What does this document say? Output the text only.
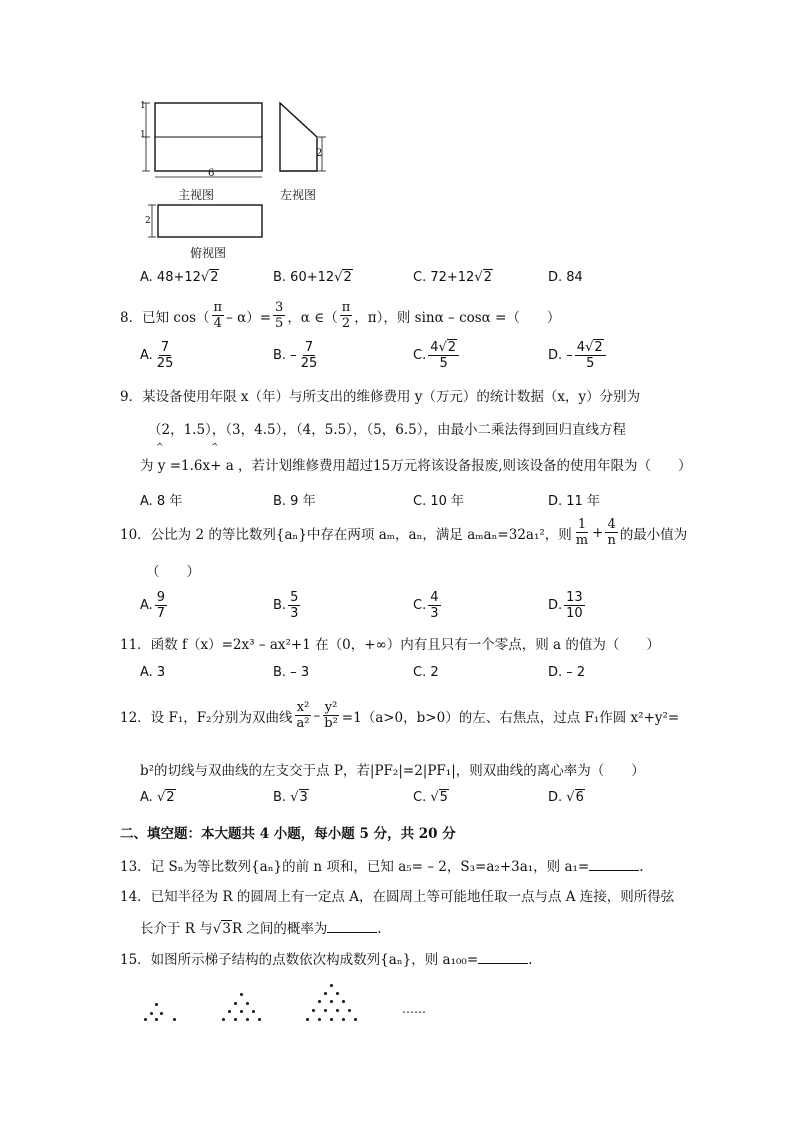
1
1
6
2
2
主视图	左视图
俯视图
A. 48+12√2	B. 60+12√2	C. 72+12√2	D. 84
8．已知 $\cos( \frac{\pi}{4} - \alpha)= \frac{3}{5}$ ，α ∈（ $\frac{\pi}{2}$ ，π），则 sinα – cosα =（　　）
A. $\frac{7}{25}$	B. – $\frac{7}{25}$	C. $\frac{4√2}{5}$	D. – $\frac{4√2}{5}$
9．某设备使用年限 x（年）与所支出的维修费用 y（万元）的统计数据（x，y）分别为
（2，1.5），（3，4.5），（4，5.5），（5，6.5），由最小二乘法得到回归直线方程
为 y =1.6x+ a ，若计划维修费用超过15万元将该设备报废,则该设备的使用年限为（　　）
^	^
A. 8 年	B. 9 年	C. 10 年	D. 11 年
10．公比为 2 的等比数列{aₙ}中存在两项 aₘ，aₙ，满足 aₘaₙ=32a₁²，则 $\frac{1}{m} + \frac{4}{n}$ 的最小值为
（　　）
A. $\frac{9}{7}$	B. $\frac{5}{3}$	C. $\frac{4}{3}$	D. $\frac{13}{10}$
11．函数 f（x）=2x³ – ax²+1 在（0，+∞）内有且只有一个零点，则 a 的值为（　　）
A. 3	B. – 3	C. 2	D. – 2
12．设 F₁，F₂分别为双曲线 $\frac{\text{x²}}{\text{a²}} - \frac{\text{y²}}{\text{b²}} =1(a>0$，b>0）的左、右焦点，过点 F₁作圆 x²+y²=
b²的切线与双曲线的左支交于点 P，若|PF₂|=2|PF₁|，则双曲线的离心率为（　　）
A. √2	B. √3	C. √5	D. √6
二、填空题：本大题共 4 小题，每小题 5 分，共 20 分
13．记 Sₙ为等比数列{aₙ}的前 n 项和，已知 a₅= – 2，S₃=a₂+3a₁，则 a₁=	.
14．已知半径为 R 的圆周上有一定点 A，在圆周上等可能地任取一点与点 A 连接，则所得弦
长介于 R 与√3R 之间的概率为	.
15．如图所示梯子结构的点数依次构成数列{aₙ}，则 a₁₀₀=	.
……
